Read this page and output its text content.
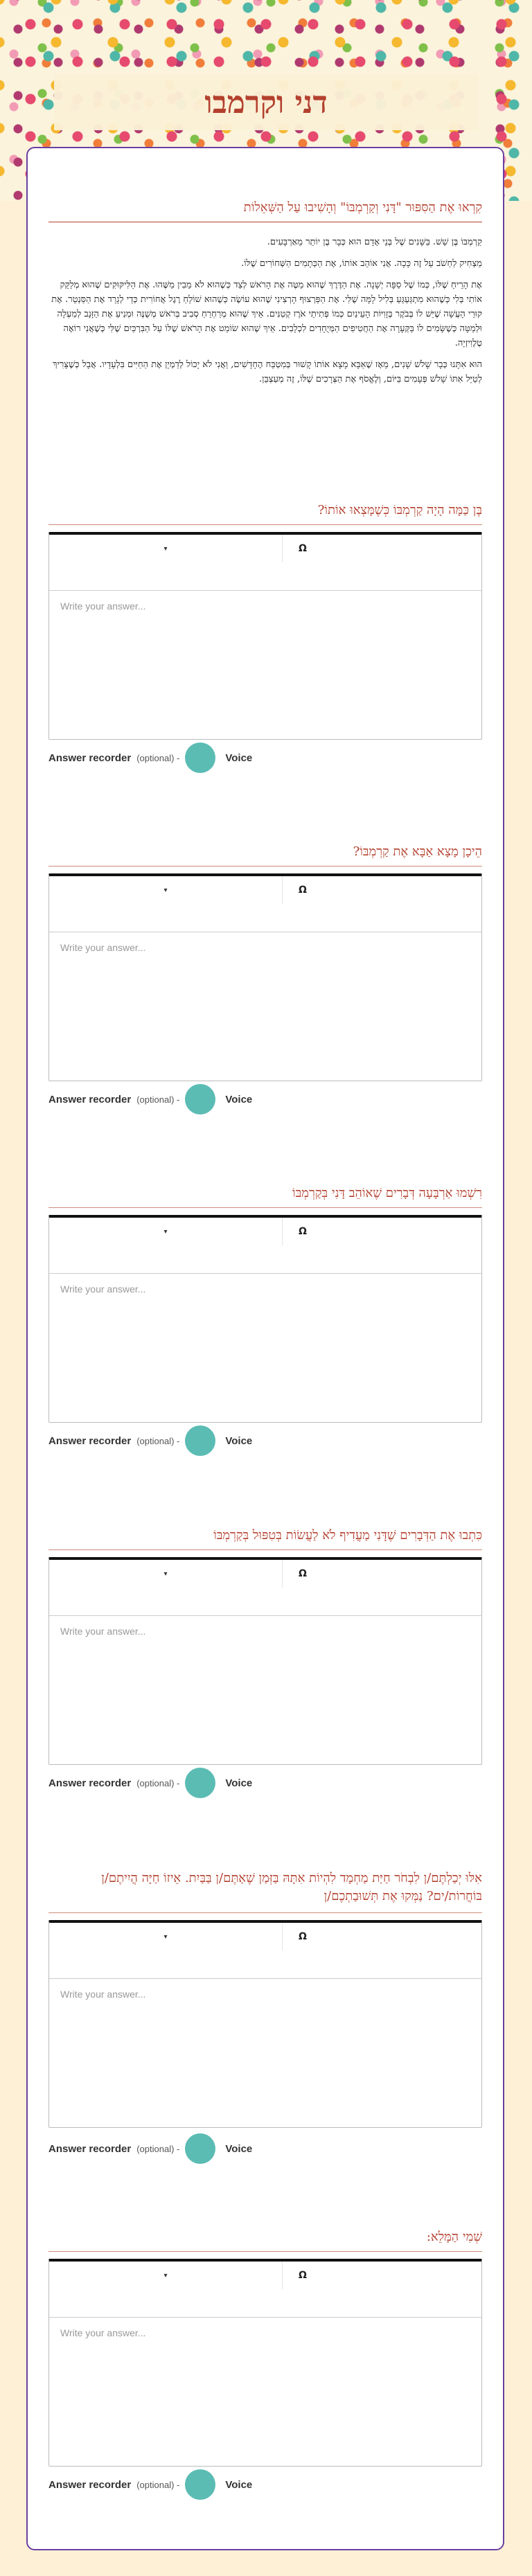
דני וקרמבו
קִרְאוּ אֶת הַסִּפּוּר "דָּנִי וְקַרְמְבּוֹ" וְהָשִׁיבוּ עַל הַשְּׁאֵלוֹת

קַרְמְבּוֹ בֶּן שֵׁשׁ. בַּשָּׁנִים שֶׁל בְּנֵי אָדָם הוּא כְּבָר בֶּן יוֹתֵר מֵאַרְבָּעִים.

מַצְחִיק לַחְשֹׁב עַל זֶה כָּכָה. אֲנִי אוֹהֵב אוֹתוֹ, אֶת הַכְּתָמִים הַשְּׁחוֹרִים שֶׁלּוֹ.

אֶת הָרֵיחַ שֶׁלּוֹ, כְּמוֹ שֶׁל סַפָּה יְשָׁנָה. אֶת הַדֶּרֶךְ שֶׁהוּא מַטֶּה אֶת הָרֹאשׁ לְצַד כְּשֶׁהוּא לֹא מֵבִין מַשֶּׁהוּ. אֶת הַלִּיקּוּקִים שֶׁהוּא מְלַקֵּק אוֹתִי בְּלִי כְּשֶׁהוּא מִתְגַּעְגֵּעַ בְּלִיל לָמָּה שֶׁלִּי. אֶת הַפַּרְצוּף הָרְצִינִי שֶׁהוּא עוֹשֶׂה כְּשֶׁהוּא שׁוֹלֵחַ רֶגֶל אֲחוֹרִית כְּדֵי לְגָרֵד אֶת הַסַּנְטֵר. אֶת קוּרֵי הָעֲשָׁה שֶׁיֵּשׁ לוֹ בְּבֹקֶר בְּזָוִיּוֹת הָעֵינַיִם כְּמוֹ פְּתִיתֵי אֹרֶז קְטַנִּים. אֵיךְ שֶׁהוּא מְרַחְרֵחַ סְבִיב בְּרֹאשׁ מְשֻׁנֶּה וּמְנִיעַ אֶת הַזָּנָב לְמַעְלָה וּלְמַטָּה כְּשֶׁשָּׂמִים לוֹ בַּקְּעָרָה אֶת הַחֲטִיפִים הַמְּיֻחָדִים לִכְלָבִים. אֵיךְ שֶׁהוּא שׂוֹמֵט אֶת הָרֹאשׁ שֶׁלּוֹ עַל הַבִּרְכַּיִם שֶׁלִּי כְּשֶׁאֲנִי רוֹאֶה טֶלֶוִיזְיָה.

הוּא אִתָּנוּ כְּבָר שָׁלֹשׁ שָׁנִים, מֵאָז שֶׁאַבָּא מָצָא אוֹתוֹ קָשׁוּר בְּמִטְבַּח הֶחָדָשִׁים, וַאֲנִי לֹא יָכוֹל לְדַמְיֵן אֶת הַחַיִּים בִּלְעָדָיו. אֲבָל כְּשֶׁצָּרִיךְ לְטַיֵּל אִתּוֹ שָׁלֹשׁ פְּעָמִים בַּיּוֹם, וְלֶאֱסֹף אֶת הַצְּרָכִים שֶׁלּוֹ, זֶה מְעַצְבֵּן.

בֶּן כַּמָּה הָיָה קַרְמְבּוֹ כְּשֶׁמָּצְאוּ אוֹתוֹ?
▾	Ω
Write your answer...
Answer recorder (optional) -	Voice
הֵיכָן מָצָא אַבָּא אֶת קַרְמְבּוֹ?
▾	Ω
Write your answer...
Answer recorder (optional) -	Voice
רִשְׁמוּ אַרְבָּעָה דְּבָרִים שֶׁאוֹהֵב דָּנִי בְּקַרְמְבּוֹ
▾	Ω
Write your answer...
Answer recorder (optional) -	Voice
כִּתְבוּ אֶת הַדְּבָרִים שֶׁדָּנִי מַעֲדִיף לֹא לַעֲשׂוֹת בְּטִפּוּל בְּקַרְמְבּוֹ
▾	Ω
Write your answer...
Answer recorder (optional) -	Voice
אִלּוּ יְכַלְתֶּם/ן לִבְחֹר חַיַּת מַחְמָד לִהְיוֹת אִתָּהּ בַּזְּמַן שֶׁאַתֶּם/ן בַּבַּיִת. אֵיזוֹ חַיָּה הֲיִיתֶם/ן בּוֹחֲרוֹת/ים? נַמְּקוּ אֶת תְּשׁוּבַתְכֶם/ן
▾	Ω
Write your answer...
Answer recorder (optional) -	Voice
שְׁמִי הַמָּלֵא:
▾	Ω
Write your answer...
Answer recorder (optional) -	Voice
